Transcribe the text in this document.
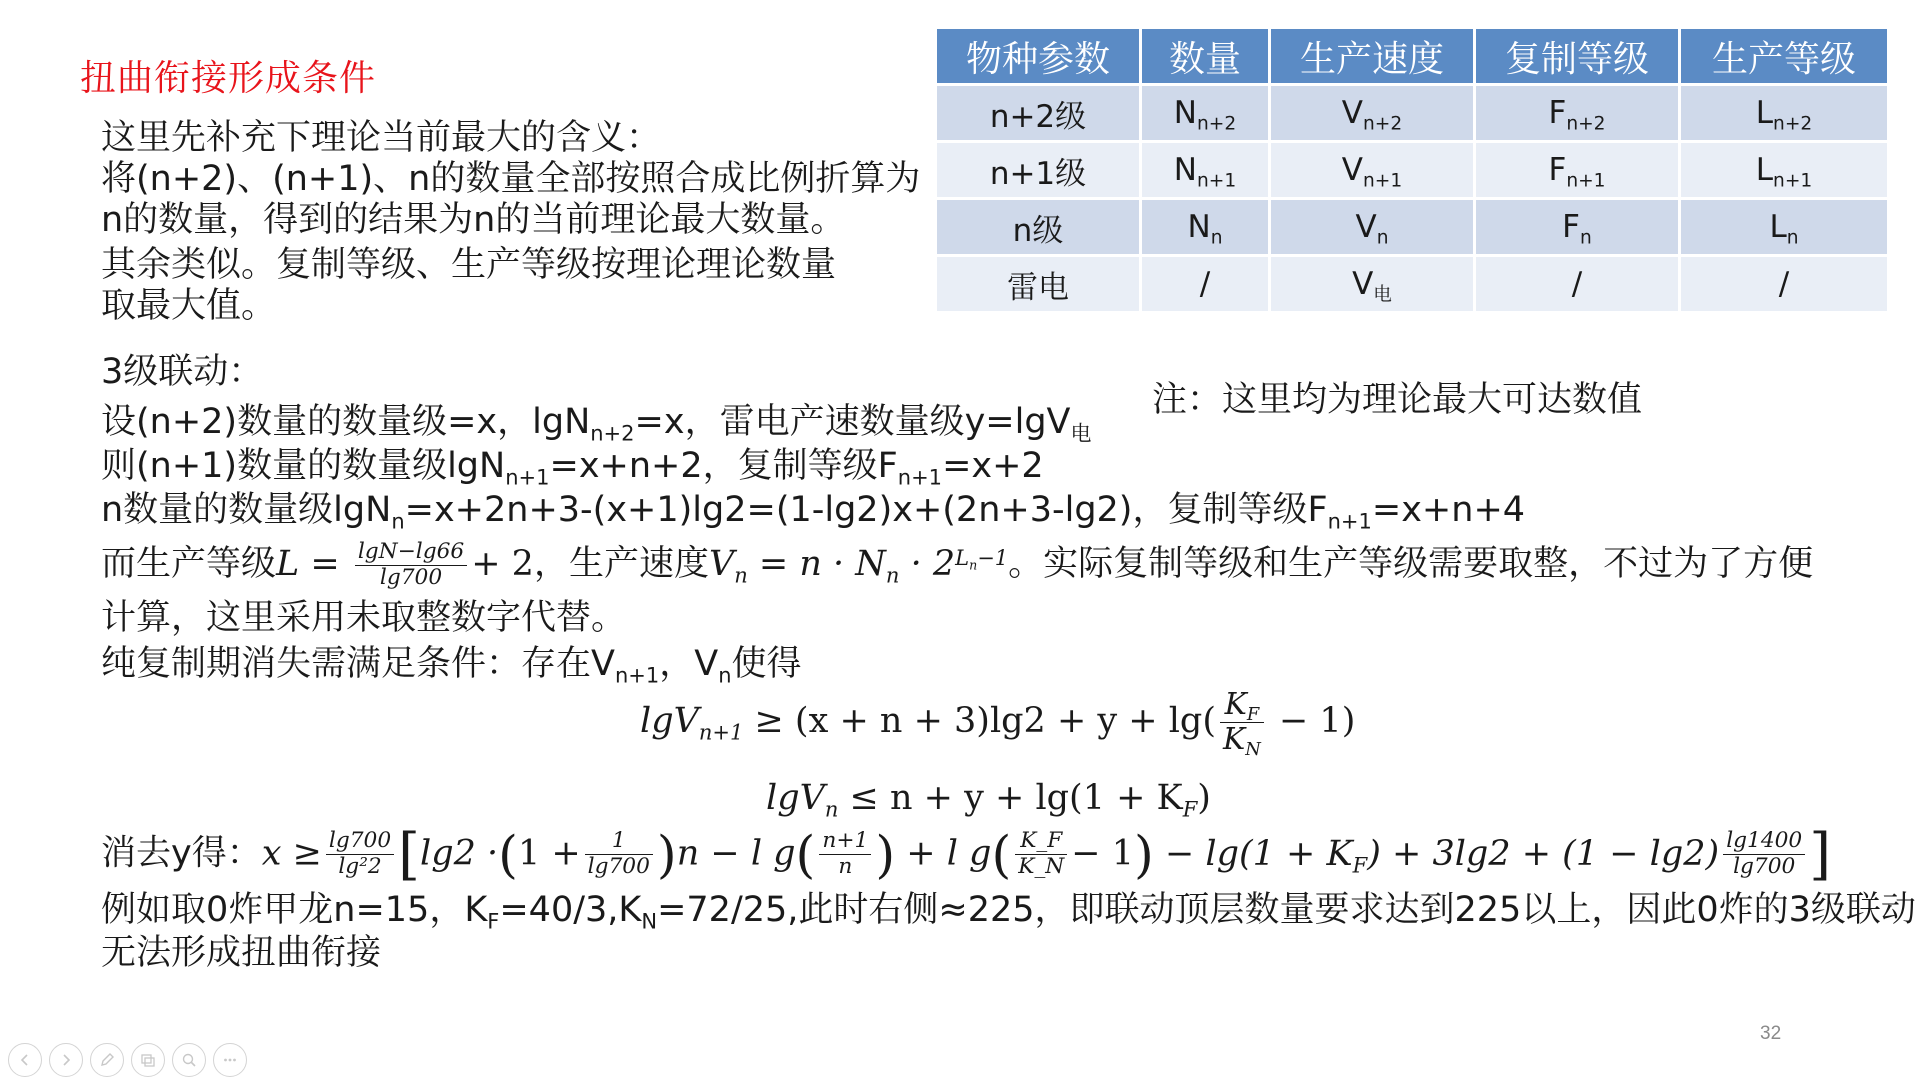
扭曲衔接形成条件
这里先补充下理论当前最大的含义：
将(n+2)、(n+1)、n的数量全部按照合成比例折算为
n的数量，得到的结果为n的当前理论最大数量。
其余类似。复制等级、生产等级按理论理论数量
取最大值。
物种参数	数量	生产速度	复制等级	生产等级
n+2级	$N_{n+2}$	$V_{n+2}$	$F_{n+2}$	$L_{n+2}$
n+1级	$N_{n+1}$	$V_{n+1}$	$F_{n+1}$	$L_{n+1}$
n级	$N_n$	$V_n$	$F_n$	$L_n$
雷电	/	$V_电$	/	/
注：这里均为理论最大可达数值
3级联动：
设(n+2)数量的数量级=x，lgN$_{n+2}$=x，雷电产速数量级y=lgV$_电$
则(n+1)数量的数量级lgN$_{n+1}$=x+n+2，复制等级$F_{n+1}=x+2$
n数量的数量级lgN$_n$=x+2n+3-(x+1)lg2=(1-lg2)x+(2n+3-lg2)，复制等级$F_{n+1}=x+n+4$
而生产等级$L = \frac{\lg N-\lg 66}{\lg 700} + 2$，生产速度$V_n = n \cdot N_n \cdot 2^{L_n-1}$。实际复制等级和生产等级需要取整，不过为了方便
计算，这里采用未取整数字代替。
纯复制期消失需满足条件：存在$V_{n+1}$，$V_n$使得
$\lg V_{n+1} \ge (x + n + 3)\lg 2 + y + \lg( \frac{K_F}{K_N} - 1)$
$\lg V_n \le n + y + \lg(1 + K_F)$
消去y得：$x \ge \frac{\lg 700}{\text{lg²2}} [\lg 2 \cdot(1 + \frac{1}{\lg 700} )n - l$ $g( \frac{n+1}{n}$ ) + l $g( \frac{K\_F}{K\_N} - 1) - \lg(1 + K_F) + 3\lg 2 + (1 - \lg 2) \frac{\lg 1400}{\lg 700}$ ]
例如取0炸甲龙n=15，$K_F=40/3,K_N=72/25$,此时右侧≈225，即联动顶层数量要求达到225以上，因此0炸的3级联动
无法形成扭曲衔接
32
